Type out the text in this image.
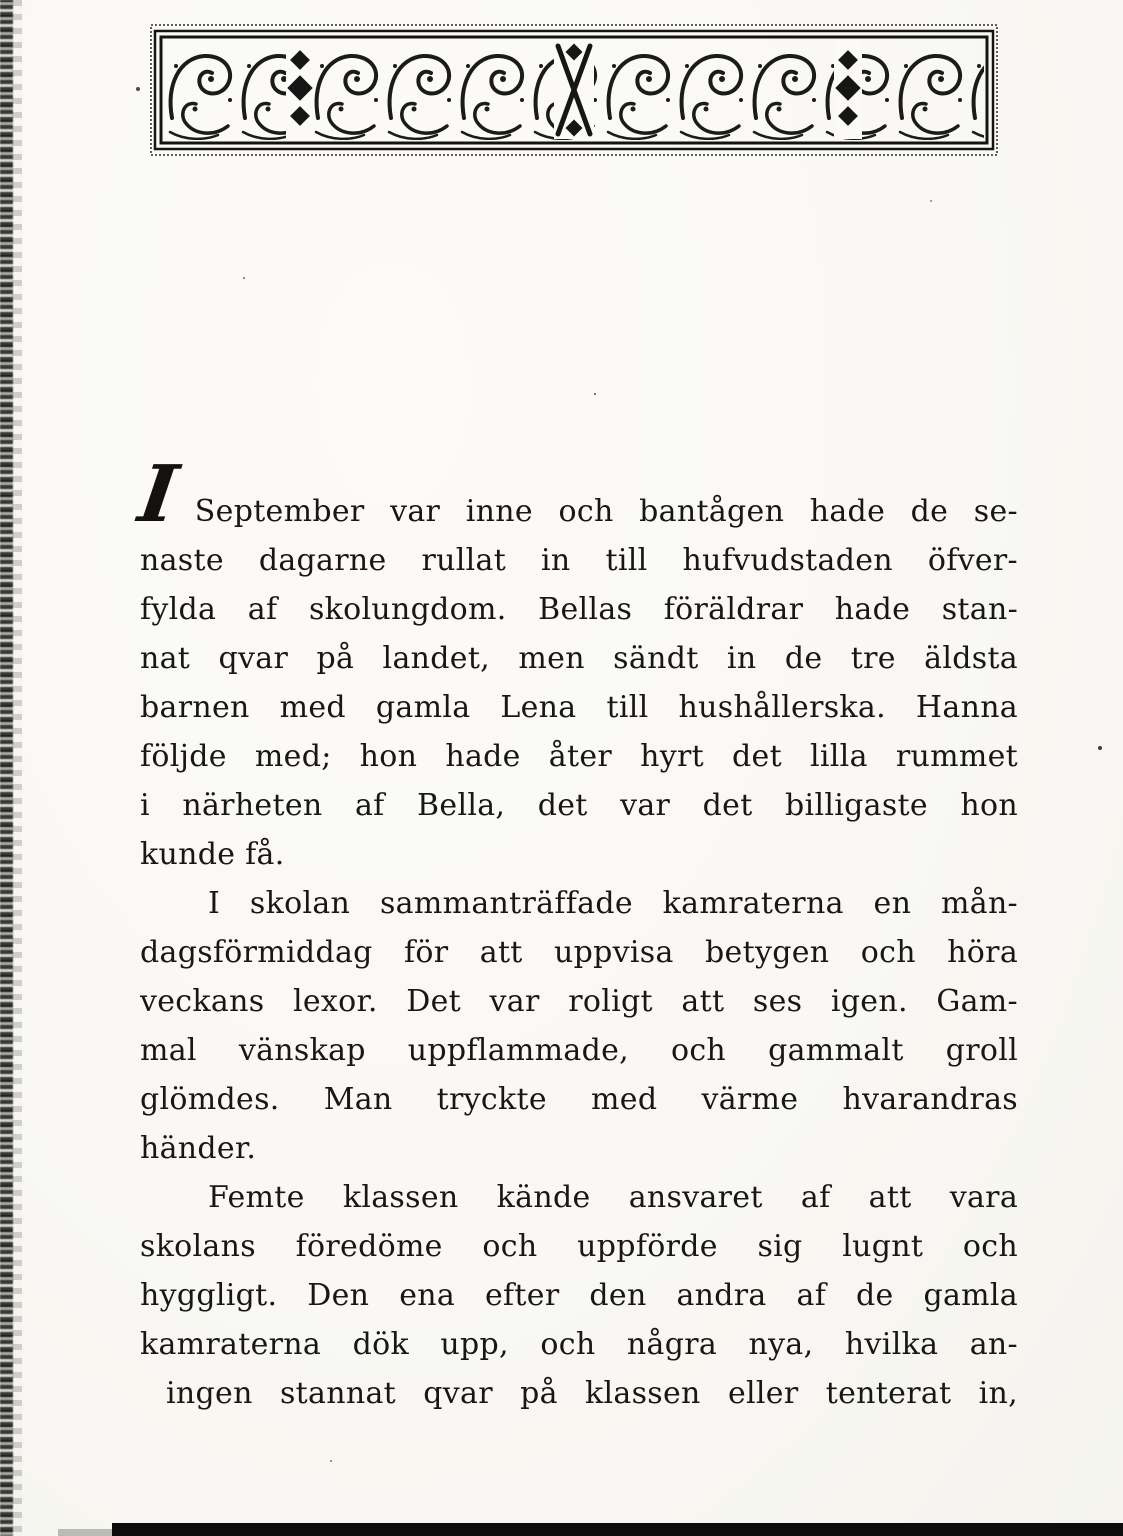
I September var inne och bantågen hade de se-
naste dagarne rullat in till hufvudstaden öfver-
fylda af skolungdom. Bellas föräldrar hade stan-
nat qvar på landet, men sändt in de tre äldsta
barnen med gamla Lena till hushållerska. Hanna
följde med; hon hade åter hyrt det lilla rummet
i närheten af Bella, det var det billigaste hon
kunde få.
I skolan sammanträffade kamraterna en mån-
dagsförmiddag för att uppvisa betygen och höra
veckans lexor. Det var roligt att ses igen. Gam-
mal vänskap uppflammade, och gammalt groll
glömdes. Man tryckte med värme hvarandras
händer.
Femte klassen kände ansvaret af att vara
skolans föredöme och uppförde sig lugnt och
hyggligt. Den ena efter den andra af de gamla
kamraterna dök upp, och några nya, hvilka an-
ingen stannat qvar på klassen eller tenterat in,
